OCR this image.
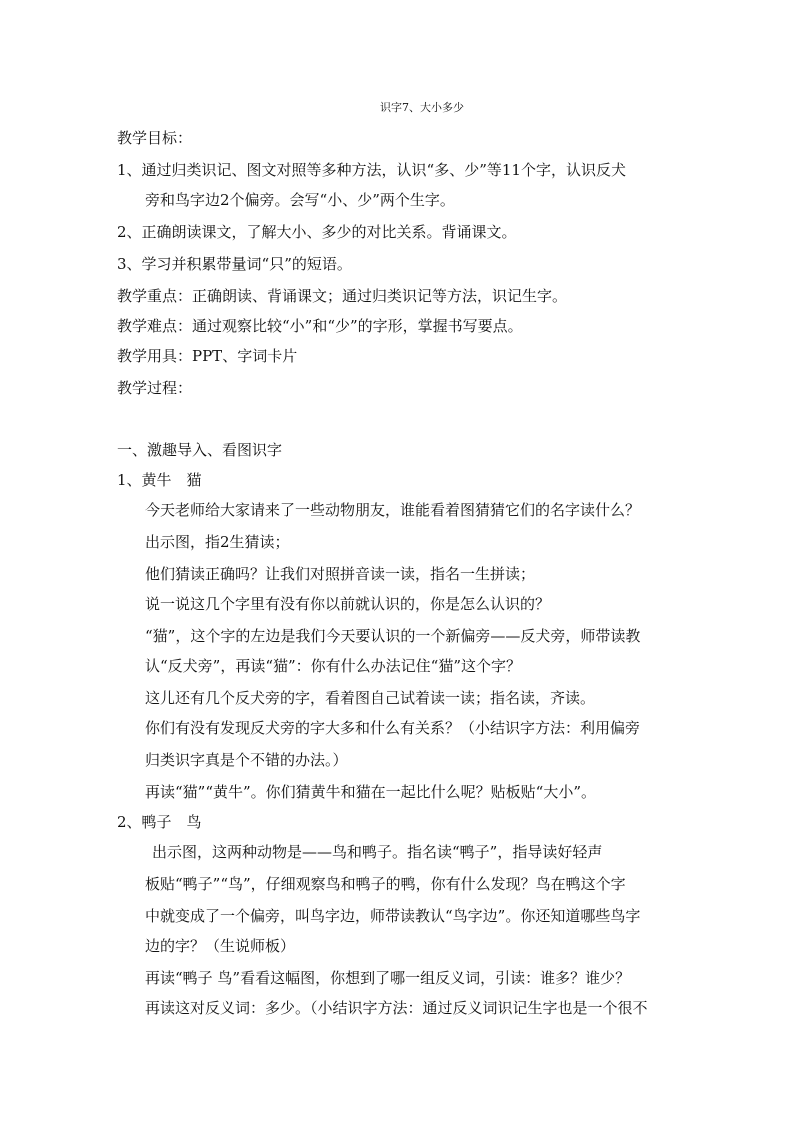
识字7、大小多少
教学目标：
1、通过归类识记、图文对照等多种方法，认识“多、少”等11个字，认识反犬
旁和鸟字边2个偏旁。会写“小、少”两个生字。
2、正确朗读课文，了解大小、多少的对比关系。背诵课文。
3、学习并积累带量词“只”的短语。
教学重点：正确朗读、背诵课文；通过归类识记等方法，识记生字。
教学难点：通过观察比较“小”和“少”的字形，掌握书写要点。
教学用具：PPT、字词卡片
教学过程：
一、激趣导入、看图识字
1、黄牛　猫
今天老师给大家请来了一些动物朋友，谁能看着图猜猜它们的名字读什么？
出示图，指2生猜读；
他们猜读正确吗？让我们对照拼音读一读，指名一生拼读；
说一说这几个字里有没有你以前就认识的，你是怎么认识的？
“猫”，这个字的左边是我们今天要认识的一个新偏旁——反犬旁，师带读教
认“反犬旁”，再读“猫”：你有什么办法记住“猫”这个字？
这儿还有几个反犬旁的字，看着图自己试着读一读；指名读，齐读。
你们有没有发现反犬旁的字大多和什么有关系？（小结识字方法：利用偏旁
归类识字真是个不错的办法。）
再读“猫”“黄牛”。你们猜黄牛和猫在一起比什么呢？贴板贴“大小”。
2、鸭子　鸟
出示图，这两种动物是——鸟和鸭子。指名读“鸭子”，指导读好轻声
板贴“鸭子”“鸟”，仔细观察鸟和鸭子的鸭，你有什么发现？鸟在鸭这个字
中就变成了一个偏旁，叫鸟字边，师带读教认“鸟字边”。你还知道哪些鸟字
边的字？（生说师板）
再读“鸭子 鸟”看看这幅图，你想到了哪一组反义词，引读：谁多？谁少？
再读这对反义词：多少。（小结识字方法：通过反义词识记生字也是一个很不
